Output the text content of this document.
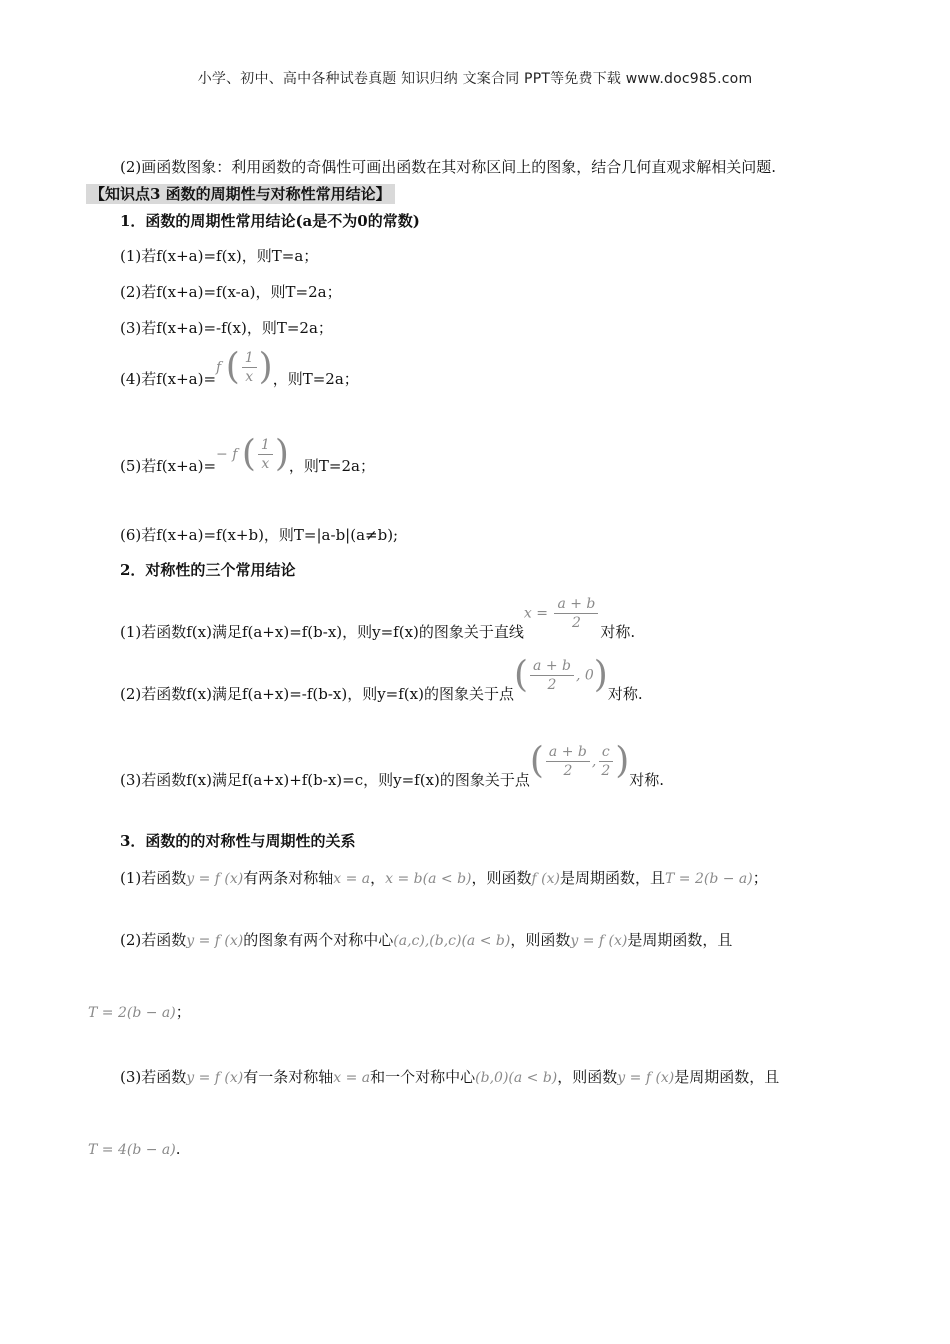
小学、初中、高中各种试卷真题 知识归纳 文案合同 PPT等免费下载 www.doc985.com
(2)画函数图象：利用函数的奇偶性可画出函数在其对称区间上的图象，结合几何直观求解相关问题.
【知识点3 函数的周期性与对称性常用结论】
1．函数的周期性常用结论(a是不为0的常数)
(1)若f(x+a)=f(x)，则T=a；
(2)若f(x+a)=f(x-a)，则T=2a；
(3)若f(x+a)=-f(x)，则T=2a；
(4)若f(x+a)=
f ( $\frac{1}{x}$ ) ，则T=2a；
(5)若f(x+a)=
− f ( $\frac{1}{x}$ ) ，则T=2a；
(6)若f(x+a)=f(x+b)，则T=|a-b|(a≠b);
2．对称性的三个常用结论
(1)若函数f(x)满足f(a+x)=f(b-x)，则y=f(x)的图象关于直线
$x = \frac{a + b}{2}$ 对称.
(2)若函数f(x)满足f(a+x)=-f(b-x)，则y=f(x)的图象关于点 ( $\frac{a + b}{2}$ , 0) 对称.
(3)若函数f(x)满足f(a+x)+f(b-x)=c，则y=f(x)的图象关于点 ( $\frac{a + b}{2}$ , $\frac{c}{2}$ ) 对称.
3．函数的的对称性与周期性的关系
(1)若函数y = f (x)有两条对称轴x = a，x = b(a < b)，则函数f (x)是周期函数，且T = 2(b − a)；
(2)若函数y = f (x)的图象有两个对称中心(a,c),(b,c)(a < b)，则函数y = f (x)是周期函数，且
T = 2(b − a)；
(3)若函数y = f (x)有一条对称轴x = a和一个对称中心(b,0)(a < b)，则函数y = f (x)是周期函数，且
T = 4(b − a).
